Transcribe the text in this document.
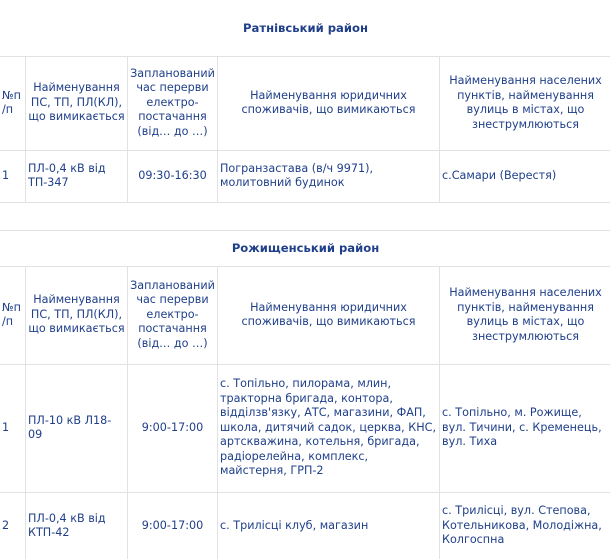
Ратнівський район				
№п/п	Найменування ПС, ТП, ПЛ(КЛ), що вимикається	Запланований час перерви електро-постачання (від… до …)	Найменування юридичних споживачів, що вимикаються	Найменування населених пунктів, найменування вулиць в містах, що знеструмлюються
1	ПЛ-0,4 кВ від ТП-347	09:30-16:30	Погранзастава (в/ч 9971), молитовний будинок	с.Самари (Верестя)

Рожищенський район				
№п/п	Найменування ПС, ТП, ПЛ(КЛ), що вимикається	Запланований час перерви електро-постачання (від… до …)	Найменування юридичних споживачів, що вимикаються	Найменування населених пунктів, найменування вулиць в містах, що знеструмлюються
1	ПЛ-10 кВ Л18-09	9:00-17:00	с. Топільно, пилорама, млин, тракторна бригада, контора, відділзв'язку, АТС, магазини, ФАП, школа, дитячий садок, церква, КНС, артскважина, котельня, бригада, радіорелейна, комплекс, майстерня, ГРП-2	с. Топільно, м. Рожище, вул. Тичини, с. Кременець, вул. Тиха
2	ПЛ-0,4 кВ від КТП-42	9:00-17:00	с. Трилісці клуб, магазин	с. Трилісці, вул. Степова, Котельникова, Молодіжна, Колгоспна
